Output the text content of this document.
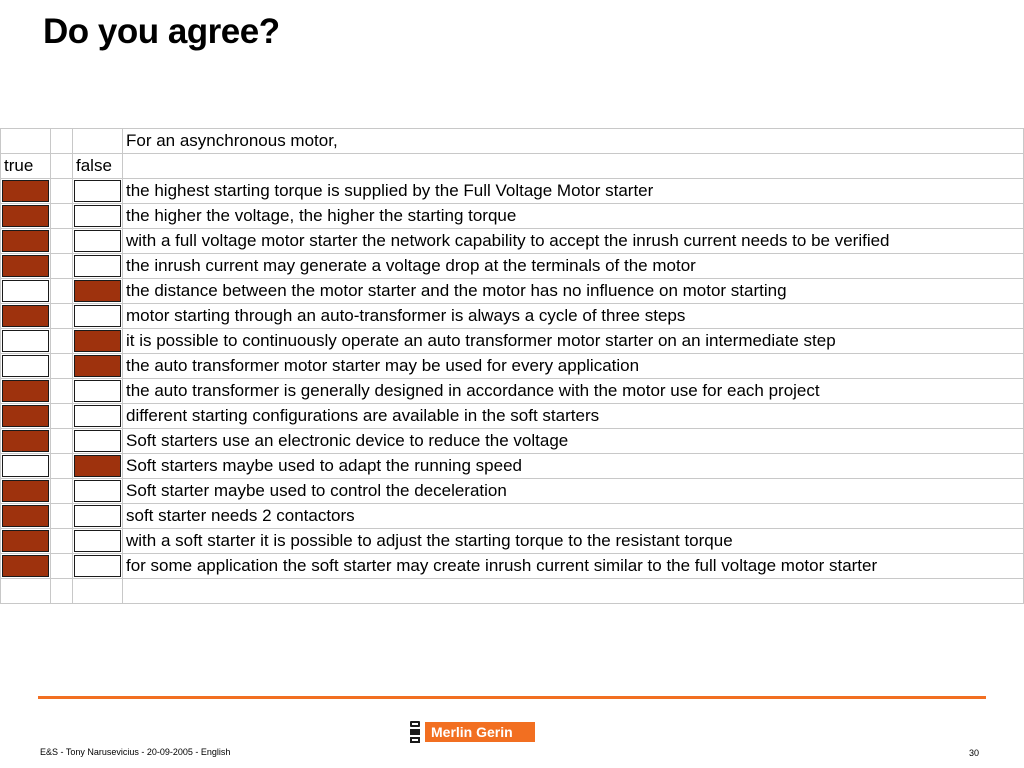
Do you agree?
			For an asynchronous motor,
true		false	

	the highest starting torque is supplied by the Full Voltage Motor starter

	the higher the voltage, the higher the starting torque

	with a full voltage motor starter the network capability to accept the inrush current needs to be verified

	the inrush current may generate a voltage drop at the terminals of the motor

	the distance between the motor starter and the motor has no influence on motor starting

	motor starting through an auto-transformer is always a cycle of three steps

	it is possible to continuously operate an auto transformer motor starter on an intermediate step

	the auto transformer motor starter may be used for every application

	the auto transformer is generally designed in accordance with the motor use for each project

	different starting configurations are available in the soft starters

	Soft starters use an electronic device to reduce the voltage

	Soft starters maybe used to adapt the running speed

	Soft starter maybe used to control the deceleration

	soft starter needs 2 contactors

	with a soft starter it is possible to adjust the starting torque to the resistant torque

	for some application the soft starter may create inrush current similar to the full voltage motor starter

Merlin Gerin
E&S - Tony Narusevicius - 20-09-2005 - English	30
